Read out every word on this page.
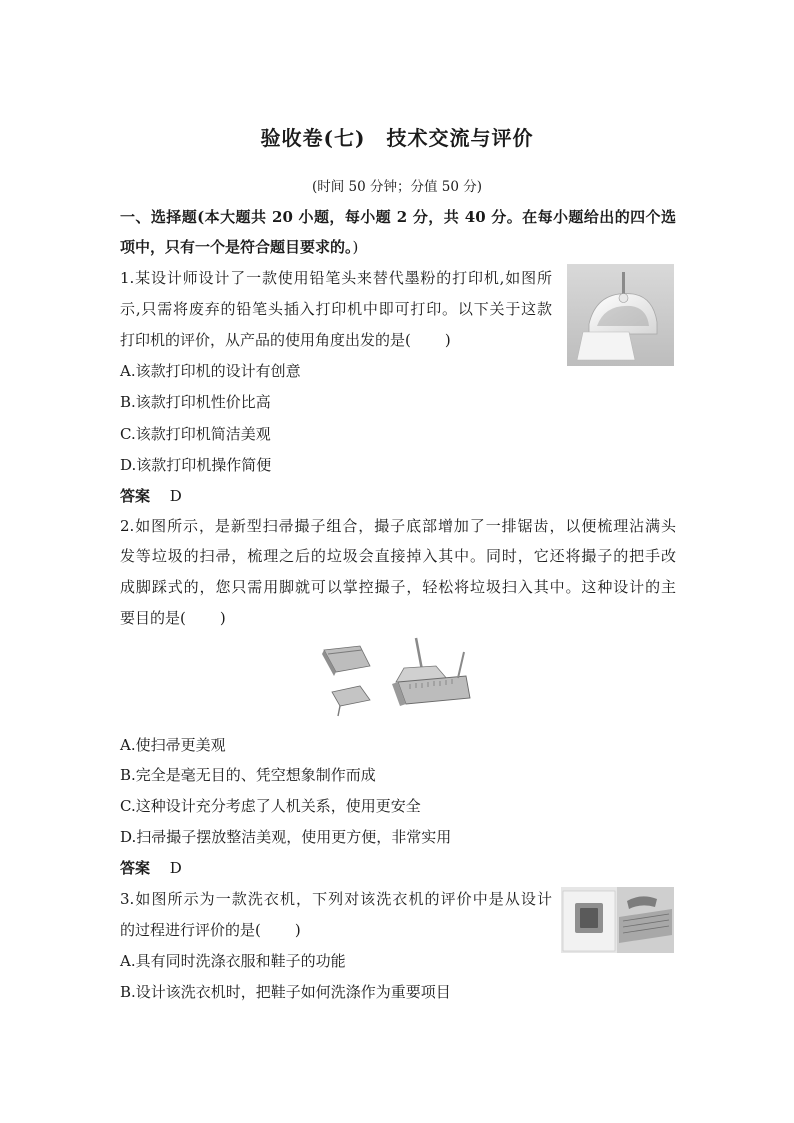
验收卷(七)　技术交流与评价
(时间 50 分钟；分值 50 分)
一、选择题(本大题共 20 小题，每小题 2 分，共 40 分。在每小题给出的四个选
项中，只有一个是符合题目要求的。)
1.某设计师设计了一款使用铅笔头来替代墨粉的打印机,如图所
示,只需将废弃的铅笔头插入打印机中即可打印。以下关于这款
打印机的评价，从产品的使用角度出发的是( )
A.该款打印机的设计有创意
B.该款打印机性价比高
C.该款打印机简洁美观
D.该款打印机操作简便
答案　 D
2.如图所示，是新型扫帚撮子组合，撮子底部增加了一排锯齿，以便梳理沾满头
发等垃圾的扫帚，梳理之后的垃圾会直接掉入其中。同时，它还将撮子的把手改
成脚踩式的，您只需用脚就可以掌控撮子，轻松将垃圾扫入其中。这种设计的主
要目的是( )
A.使扫帚更美观
B.完全是毫无目的、凭空想象制作而成
C.这种设计充分考虑了人机关系，使用更安全
D.扫帚撮子摆放整洁美观，使用更方便，非常实用
答案　 D
3.如图所示为一款洗衣机，下列对该洗衣机的评价中是从设计
的过程进行评价的是( )
A.具有同时洗涤衣服和鞋子的功能
B.设计该洗衣机时，把鞋子如何洗涤作为重要项目
